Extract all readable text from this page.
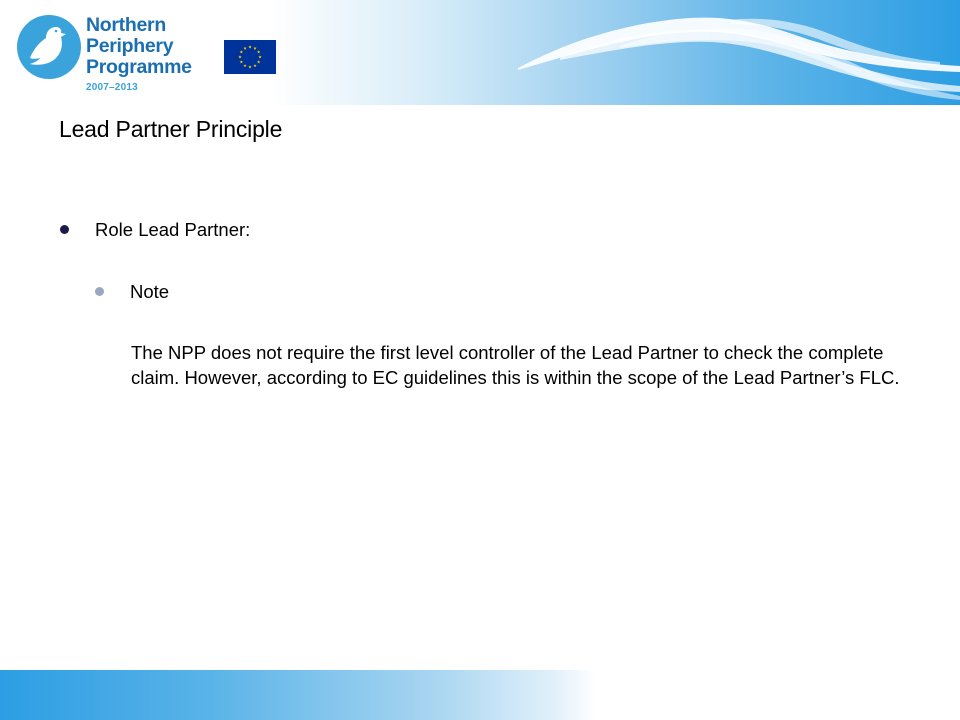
Northern
Periphery
Programme
2007–2013
Lead Partner Principle
Role Lead Partner:
Note

The NPP does not require the first level controller of the Lead Partner to check the complete claim. However, according to EC guidelines this is within the scope of the Lead Partner’s FLC.
